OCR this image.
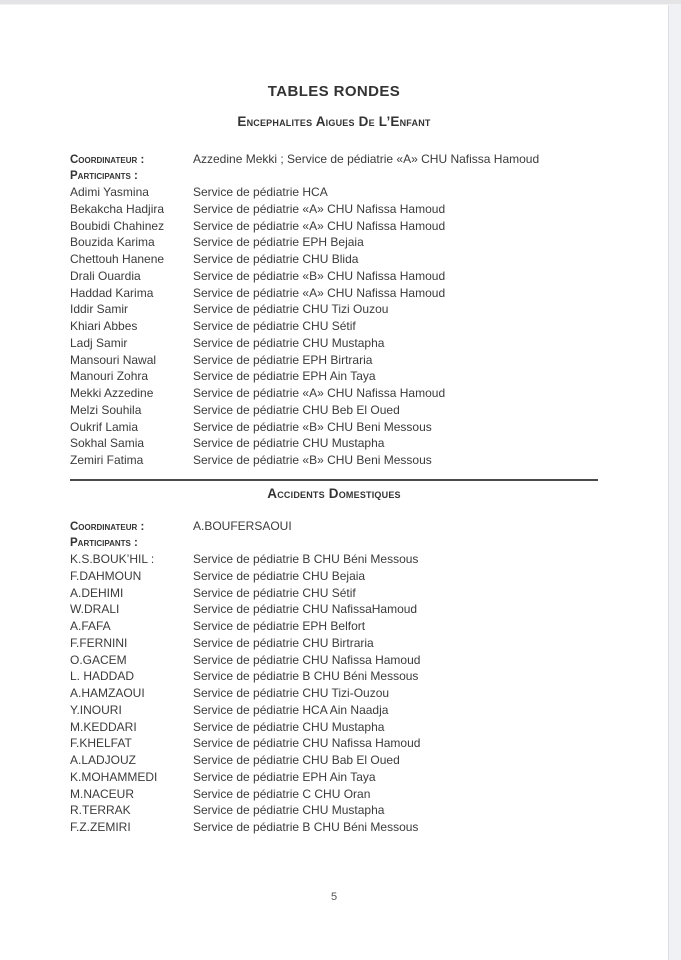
TABLES RONDES
Encephalites Aigues De L’Enfant
Coordinateur :	Azzedine Mekki ; Service de pédiatrie «A» CHU Nafissa Hamoud
Participants :
Adimi Yasmina	Service de pédiatrie HCA
Bekakcha Hadjira	Service de pédiatrie «A» CHU Nafissa Hamoud
Boubidi Chahinez	Service de pédiatrie «A» CHU Nafissa Hamoud
Bouzida Karima	Service de pédiatrie EPH Bejaia
Chettouh Hanene	Service de pédiatrie CHU Blida
Drali Ouardia	Service de pédiatrie «B» CHU Nafissa Hamoud
Haddad Karima	Service de pédiatrie «A» CHU Nafissa Hamoud
Iddir Samir	Service de pédiatrie CHU Tizi Ouzou
Khiari Abbes	Service de pédiatrie CHU Sétif
Ladj Samir	Service de pédiatrie CHU Mustapha
Mansouri Nawal	Service de pédiatrie EPH Birtraria
Manouri Zohra	Service de pédiatrie EPH Ain Taya
Mekki Azzedine	Service de pédiatrie «A» CHU Nafissa Hamoud
Melzi Souhila	Service de pédiatrie CHU Beb El Oued
Oukrif Lamia	Service de pédiatrie «B» CHU Beni Messous
Sokhal Samia	Service de pédiatrie CHU Mustapha
Zemiri Fatima	Service de pédiatrie «B» CHU Beni Messous
Accidents Domestiques
Coordinateur :	A.BOUFERSAOUI
Participants :
K.S.BOUK’HIL :	Service de pédiatrie B CHU Béni Messous
F.DAHMOUN	Service de pédiatrie CHU Bejaia
A.DEHIMI	Service de pédiatrie CHU Sétif
W.DRALI	Service de pédiatrie CHU NafissaHamoud
A.FAFA	Service de pédiatrie EPH Belfort
F.FERNINI	Service de pédiatrie CHU Birtraria
O.GACEM	Service de pédiatrie CHU Nafissa Hamoud
L. HADDAD	Service de pédiatrie B CHU Béni Messous
A.HAMZAOUI	Service de pédiatrie CHU Tizi-Ouzou
Y.INOURI	Service de pédiatrie HCA Ain Naadja
M.KEDDARI	Service de pédiatrie CHU Mustapha
F.KHELFAT	Service de pédiatrie CHU Nafissa Hamoud
A.LADJOUZ	Service de pédiatrie CHU Bab El Oued
K.MOHAMMEDI	Service de pédiatrie EPH Ain Taya
M.NACEUR	Service de pédiatrie C CHU Oran
R.TERRAK	Service de pédiatrie CHU Mustapha
F.Z.ZEMIRI	Service de pédiatrie B CHU Béni Messous
5
